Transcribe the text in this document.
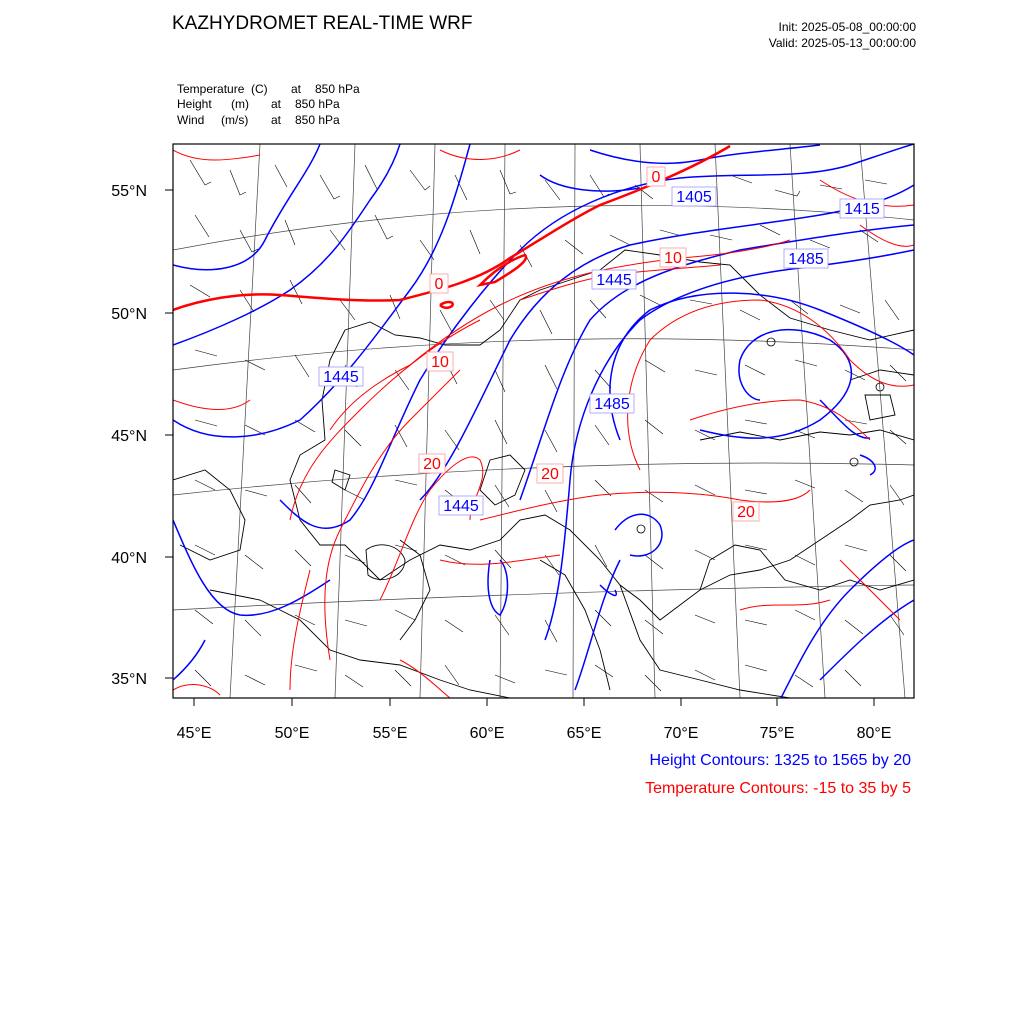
KAZHYDROMET REAL-TIME WRF	Init: 2025-05-08_00:00:00
Valid: 2025-05-13_00:00:00
Temperature (C) at 850 hPa
Height (m) at 850 hPa
Wind (m/s) at 850 hPa
1405
1415
1445
1485
1445
1485
1445
0
0
10
10
20
20
20
55°N
50°N
45°N
40°N
35°N
45°E	50°E	55°E	60°E	65°E	70°E	75°E	80°E
Height Contours: 1325 to 1565 by 20
Temperature Contours: -15 to 35 by 5
